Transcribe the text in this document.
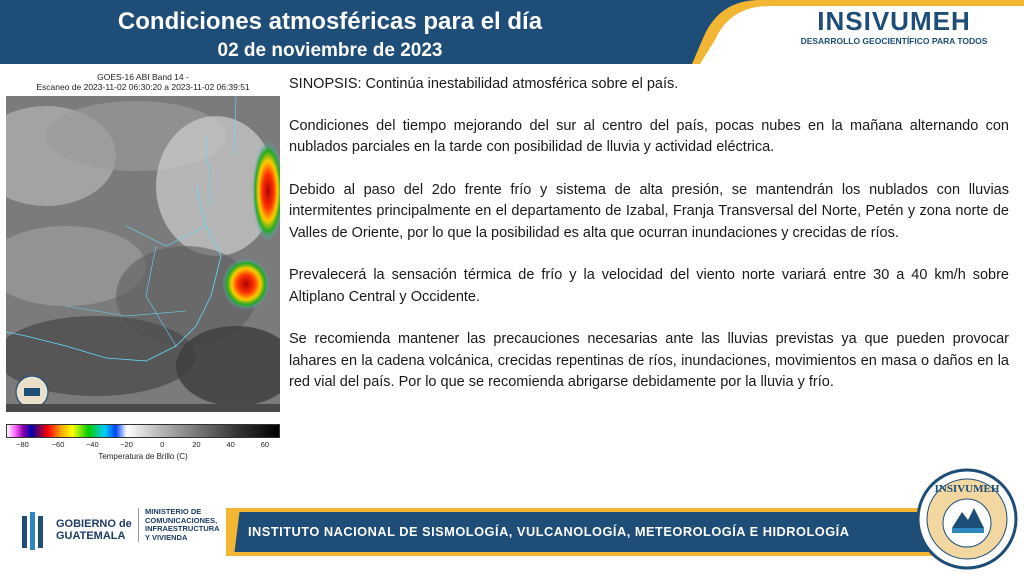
Condiciones atmosféricas para el día
02 de noviembre de 2023
INSIVUMEH
DESARROLLO GEOCIENTÍFICO PARA TODOS
GOES-16 ABI Band 14 -
Escaneo de 2023-11-02 06:30:20 a 2023-11-02 06:39:51
−80	−60	−40	−20	0	20	40	60
Temperatura de Brillo (C)

SINOPSIS: Continúa inestabilidad atmosférica sobre el país.

Condiciones del tiempo mejorando del sur al centro del país, pocas nubes en la mañana alternando con nublados parciales en la tarde con posibilidad de lluvia y actividad eléctrica.

Debido al paso del 2do frente frío y sistema de alta presión, se mantendrán los nublados con lluvias intermitentes principalmente en el departamento de Izabal, Franja Transversal del Norte, Petén y zona norte de Valles de Oriente, por lo que la posibilidad es alta que ocurran inundaciones y crecidas de ríos.

Prevalecerá la sensación térmica de frío y la velocidad del viento norte variará entre 30 a 40 km/h sobre Altiplano Central y Occidente.

Se recomienda mantener las precauciones necesarias ante las lluvias previstas ya que pueden provocar lahares en la cadena volcánica, crecidas repentinas de ríos, inundaciones, movimientos en masa o daños en la red vial del país. Por lo que se recomienda abrigarse debidamente por la lluvia y frío.

GOBIERNO de
GUATEMALA
MINISTERIO DE
COMUNICACIONES,
INFRAESTRUCTURA
Y VIVIENDA	INSTITUTO NACIONAL DE SISMOLOGÍA, VULCANOLOGÍA, METEOROLOGÍA E HIDROLOGÍA
INSIVUMEH
